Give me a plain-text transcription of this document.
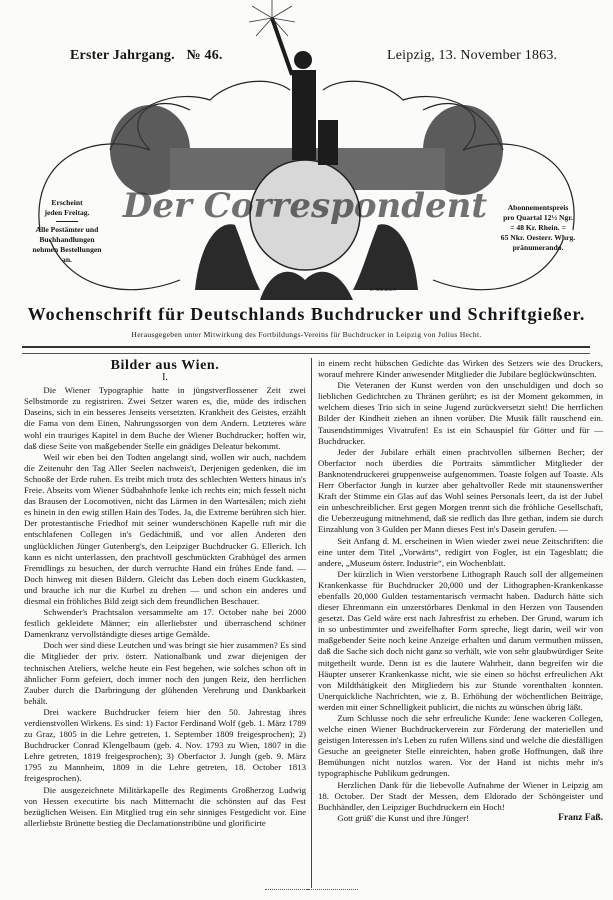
Erster Jahrgang. № 46.	Leipzig, 13. November 1863.
Der Correspondent
E. Mandlach
Erscheint
jeden Freitag.
Alle Postämter und
Buchhandlungen
nehmen Bestellungen
an.
Abonnementspreis
pro Quartal 12½ Ngr.
= 48 Kr. Rhein. =
65 Nkr. Oesterr. Whrg.
pränumerando.
Wochenschrift für Deutschlands Buchdrucker und Schriftgießer.
Herausgegeben unter Mitwirkung des Fortbildungs-Vereins für Buchdrucker in Leipzig von Julius Hecht.
Bilder aus Wien.
I.

Die Wiener Typographie hatte in jüngstverflossener Zeit zwei Selbstmorde zu registriren. Zwei Setzer waren es, die, müde des irdischen Daseins, sich in ein besseres Jenseits versetzten. Krankheit des Geistes, erzählt die Fama von dem Einen, Nahrungssorgen von dem Andern. Letzteres wäre wohl ein trauriges Kapitel in dem Buche der Wiener Buchdrucker; hoffen wir, daß diese Seite von maßgebender Stelle ein gnädiges Deleatur bekommt.

Weil wir eben bei den Todten angelangt sind, wollen wir auch, nachdem die Zeitenuhr den Tag Aller Seelen nachweis't, Derjenigen gedenken, die im Schooße der Erde ruhen. Es treibt mich trotz des schlechten Wetters hinaus in's Freie. Abseits vom Wiener Südbahnhofe lenke ich rechts ein; mich fesselt nicht das Brausen der Locomotiven, nicht das Lärmen in den Wartesälen; mich zieht es hinein in den ewig stillen Hain des Todes. Ja, die Extreme berühren sich hier. Der protestantische Friedhof mit seiner wunderschönen Kapelle ruft mir die entschlafenen Collegen in's Gedächtniß, und vor allen Anderen den unglücklichen Jünger Gutenberg's, den Leipziger Buchdrucker G. Ellerich. Ich kann es nicht unterlassen, den prachtvoll geschmückten Grabhügel des armen Fremdlings zu besuchen, der durch verruchte Hand ein frühes Ende fand. — Doch hinweg mit diesen Bildern. Gleicht das Leben doch einem Guckkasten, und brauche ich nur die Kurbel zu drehen — und schon ein anderes und diesmal ein fröhliches Bild zeigt sich dem freundlichen Beschauer.

Schwender's Prachtsalon versammelte am 17. October nahe bei 2000 festlich gekleidete Männer; ein allerliebster und überraschend schöner Damenkranz vervollständigte dieses artige Gemälde.

Doch wer sind diese Leutchen und was bringt sie hier zusammen? Es sind die Mitglieder der priv. österr. Nationalbank und zwar diejenigen der technischen Ateliers, welche heute ein Fest begehen, wie solches schon oft in ähnlicher Form gefeiert, doch immer noch den jungen Reiz, den herrlichen Zauber durch die Darbringung der glühenden Verehrung und Dankbarkeit behält.

Drei wackere Buchdrucker feiern hier den 50. Jahrestag ihres verdienstvollen Wirkens. Es sind: 1) Factor Ferdinand Wolf (geb. 1. März 1789 zu Graz, 1805 in die Lehre getreten, 1. September 1809 freigesprochen); 2) Buchdrucker Conrad Klengelbaum (geb. 4. Nov. 1793 zu Wien, 1807 in die Lehre getreten, 1819 freigesprochen); 3) Oberfactor J. Jungh (geb. 9. März 1795 zu Mannheim, 1809 in die Lehre getreten, 18. October 1813 freigesprochen).

Die ausgezeichnete Militärkapelle des Regiments Großherzog Ludwig von Hessen executirte bis nach Mitternacht die schönsten auf das Fest bezüglichen Weisen. Ein Mitglied trug ein sehr sinniges Festgedicht vor. Eine allerliebste Brünette bestieg die Declamationstribüne und glorificirte

in einem recht hübschen Gedichte das Wirken des Setzers wie des Druckers, worauf mehrere Kinder anwesender Mitglieder die Jubilare beglückwünschten.

Die Veteranen der Kunst werden von den unschuldigen und doch so lieblichen Gedichtchen zu Thränen gerührt; es ist der Moment gekommen, in welchem dieses Trio sich in seine Jugend zurückversetzt sieht! Die herrlichen Bilder der Kindheit ziehen an ihnen vorüber. Die Musik fällt rauschend ein. Tausendstimmiges Vivatrufen! Es ist ein Schauspiel für Götter und für — Buchdrucker.

Jeder der Jubilare erhält einen prachtvollen silbernen Becher; der Oberfactor noch überdies die Portraits sämmtlicher Mitglieder der Banknotendruckerei gruppenweise aufgenommen. Toaste folgen auf Toaste. Als Herr Oberfactor Jungh in kurzer aber gehaltvoller Rede mit staunenswerther Kraft der Stimme ein Glas auf das Wohl seines Personals leert, da ist der Jubel ein unbeschreiblicher. Erst gegen Morgen trennt sich die fröhliche Gesellschaft, die Ueberzeugung mitnehmend, daß sie redlich das Ihre gethan, indem sie durch Einzahlung von 3 Gulden per Mann dieses Fest in's Dasein gerufen. —

Seit Anfang d. M. erscheinen in Wien wieder zwei neue Zeitschriften: die eine unter dem Titel „Vorwärts“, redigirt von Fogler, ist ein Tagesblatt; die andere, „Museum österr. Industrie“, ein Wochenblatt.

Der kürzlich in Wien verstorbene Lithograph Rauch soll der allgemeinen Krankenkasse für Buchdrucker 20,000 und der Lithographen-Krankenkasse ebenfalls 20,000 Gulden testamentarisch vermacht haben. Dadurch hätte sich dieser Ehrenmann ein unzerstörbares Denkmal in den Herzen von Tausenden gesetzt. Das Geld wäre erst nach Jahresfrist zu erheben. Der Grund, warum ich in so unbestimmter und zweifelhafter Form spreche, liegt darin, weil wir von maßgebender Seite noch keine Anzeige erhalten und darum vermuthen müssen, daß die Sache sich doch nicht ganz so verhält, wie von sehr glaubwürdiger Seite mitgetheilt wurde. Denn ist es die lautere Wahrheit, dann begreifen wir die Häupter unserer Krankenkasse nicht, wie sie einen so höchst erfreulichen Akt von Mildthätigkeit den Mitgliedern bis zur Stunde vorenthalten konnten. Unerquickliche Nachrichten, wie z. B. Erhöhung der wöchentlichen Beiträge, werden mit einer Schnelligkeit publicirt, die nichts zu wünschen übrig läßt.

Zum Schlusse noch die sehr erfreuliche Kunde: Jene wackeren Collegen, welche einen Wiener Buchdruckerverein zur Förderung der materiellen und geistigen Interessen in's Leben zu rufen Willens sind und welche die diesfälligen Gesuche an geeigneter Stelle einreichten, haben große Hoffnungen, daß ihre Bemühungen nicht nutzlos waren. Vor der Hand ist nichts mehr in's typographische Publikum gedrungen.

Herzlichen Dank für die liebevolle Aufnahme der Wiener in Leipzig am 18. October. Der Stadt der Messen, dem Eldorado der Schöngeister und Buchhändler, den Leipziger Buchdruckern ein Hoch!

Gott grüß' die Kunst und ihre Jünger!	Franz Faß.
